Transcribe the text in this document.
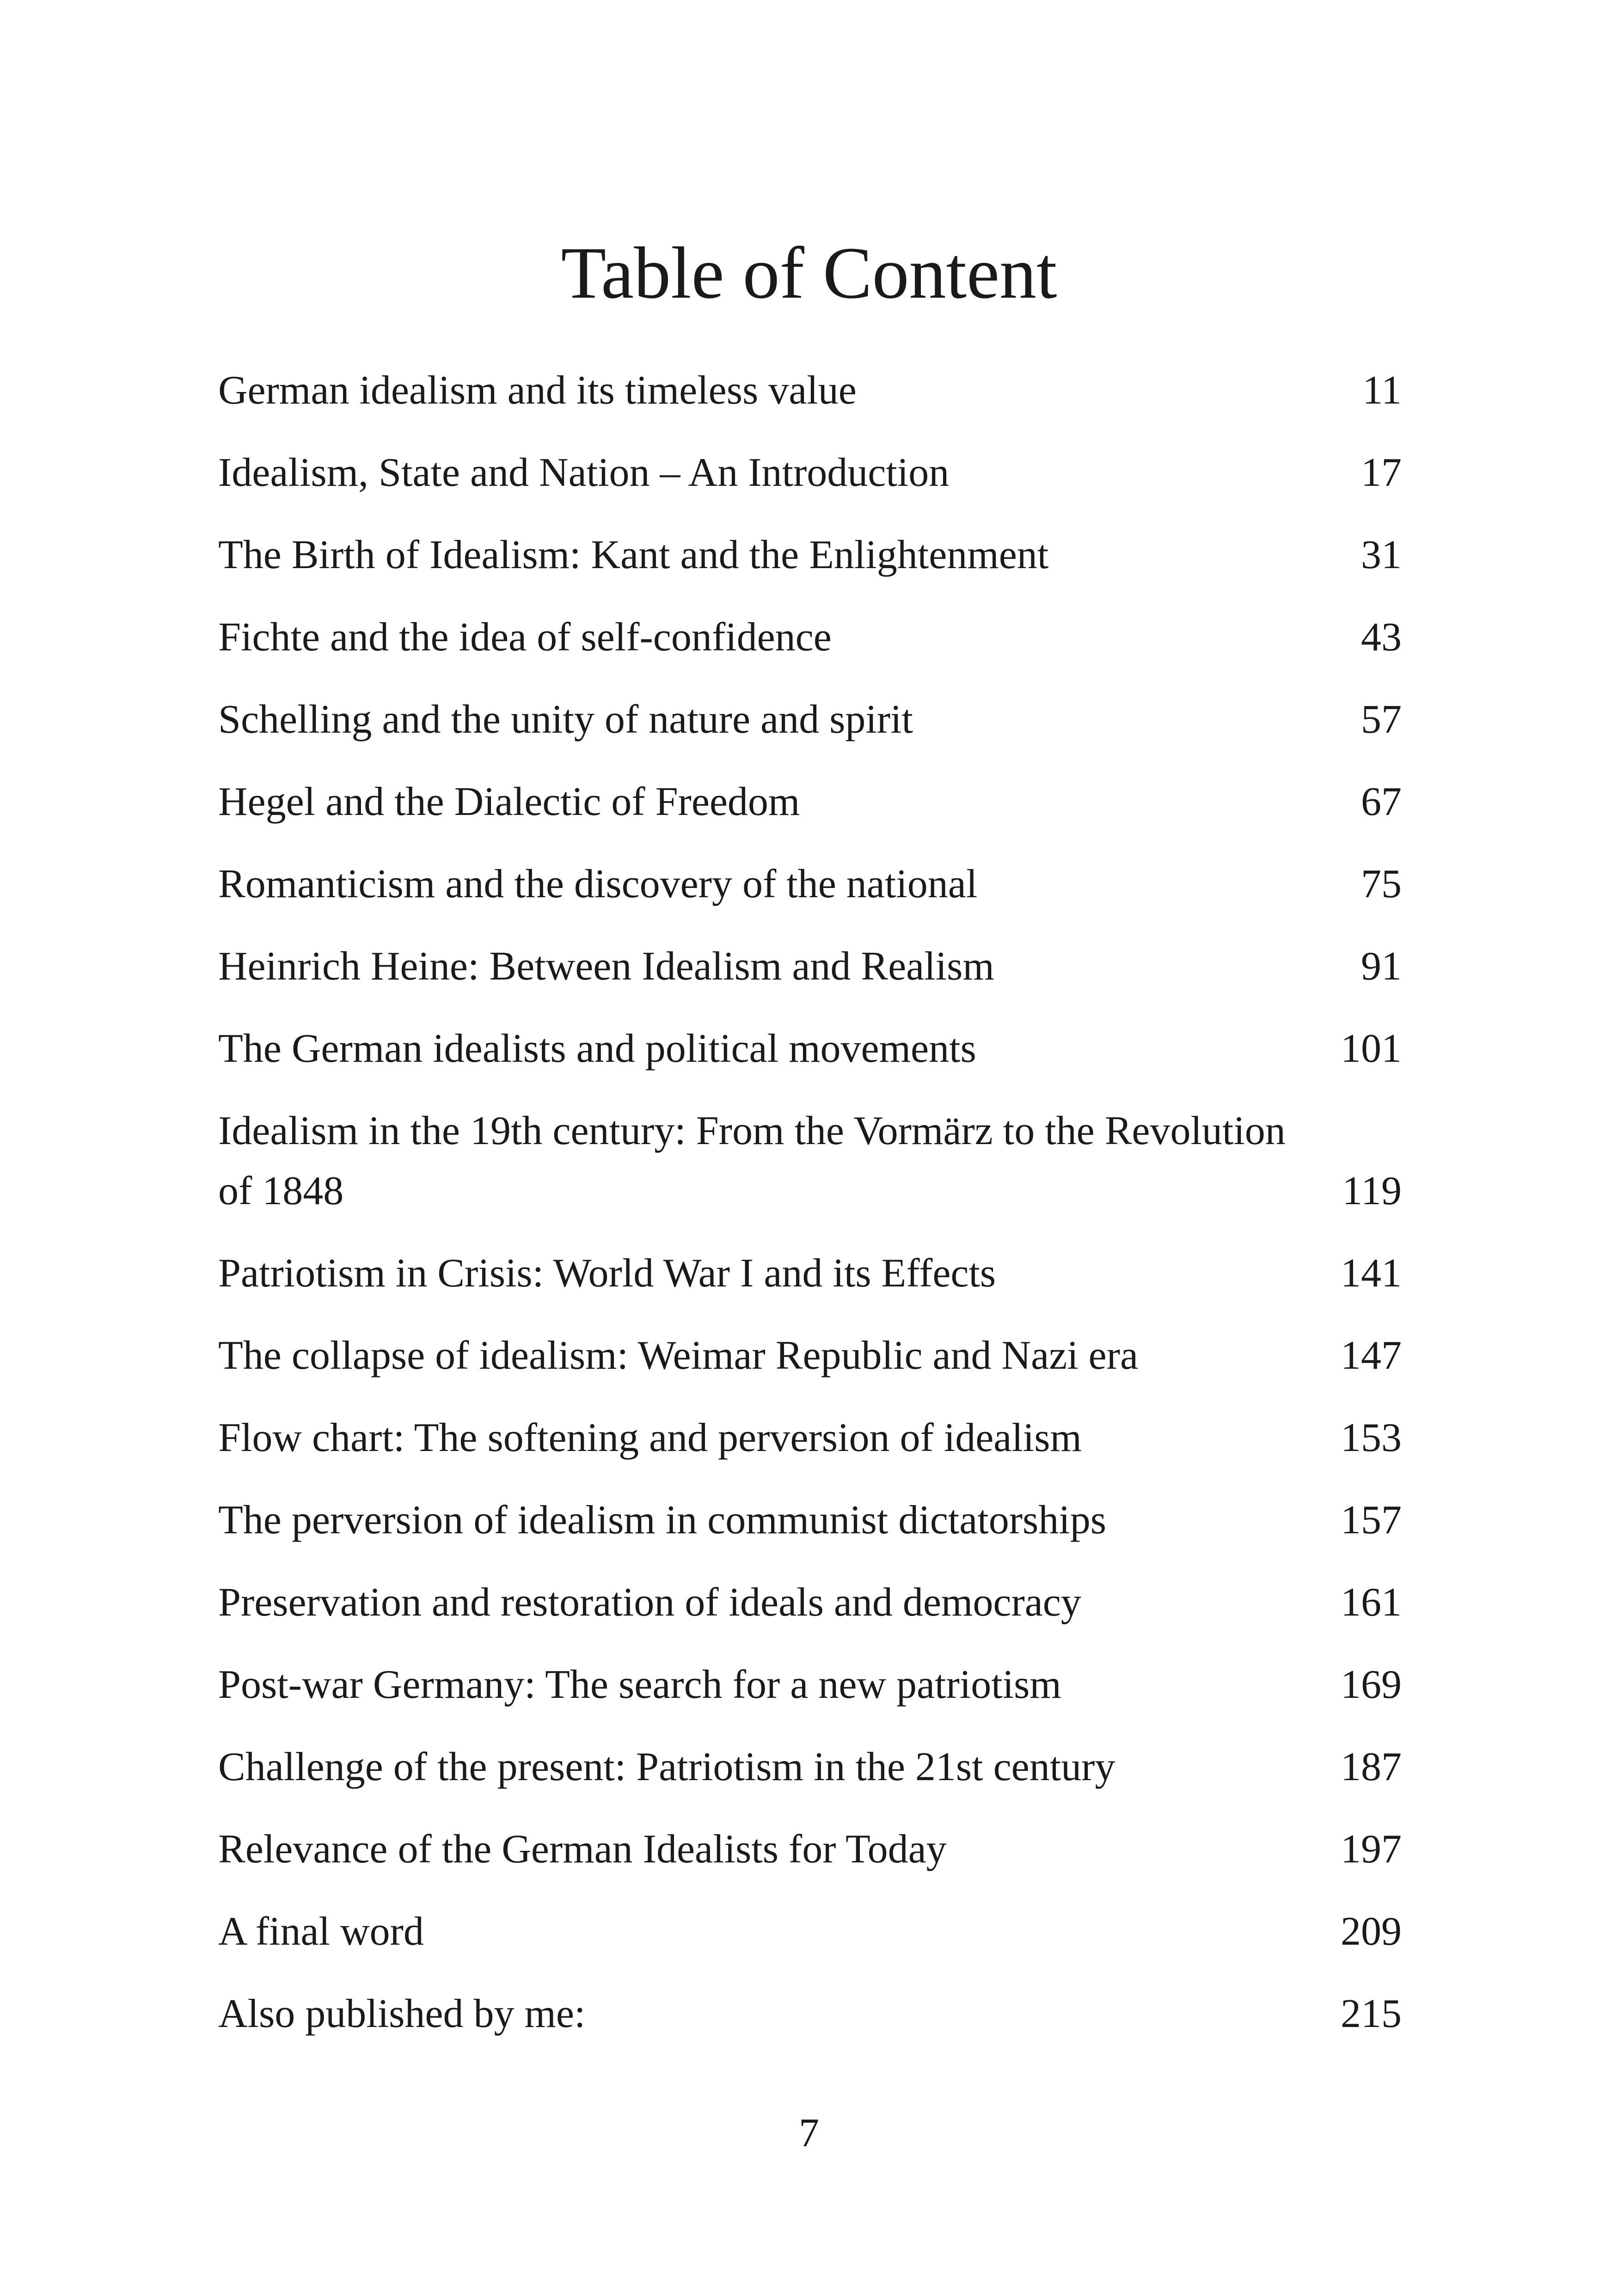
Table of Content
German idealism and its timeless value	11
Idealism, State and Nation – An Introduction	17
The Birth of Idealism: Kant and the Enlightenment	31
Fichte and the idea of self-confidence	43
Schelling and the unity of nature and spirit	57
Hegel and the Dialectic of Freedom	67
Romanticism and the discovery of the national	75
Heinrich Heine: Between Idealism and Realism	91
The German idealists and political movements	101
Idealism in the 19th century: From the Vormärz to the Revolution of 1848	119
Patriotism in Crisis: World War I and its Effects	141
The collapse of idealism: Weimar Republic and Nazi era	147
Flow chart: The softening and perversion of idealism	153
The perversion of idealism in communist dictatorships	157
Preservation and restoration of ideals and democracy	161
Post-war Germany: The search for a new patriotism	169
Challenge of the present: Patriotism in the 21st century	187
Relevance of the German Idealists for Today	197
A final word	209
Also published by me:	215
7
